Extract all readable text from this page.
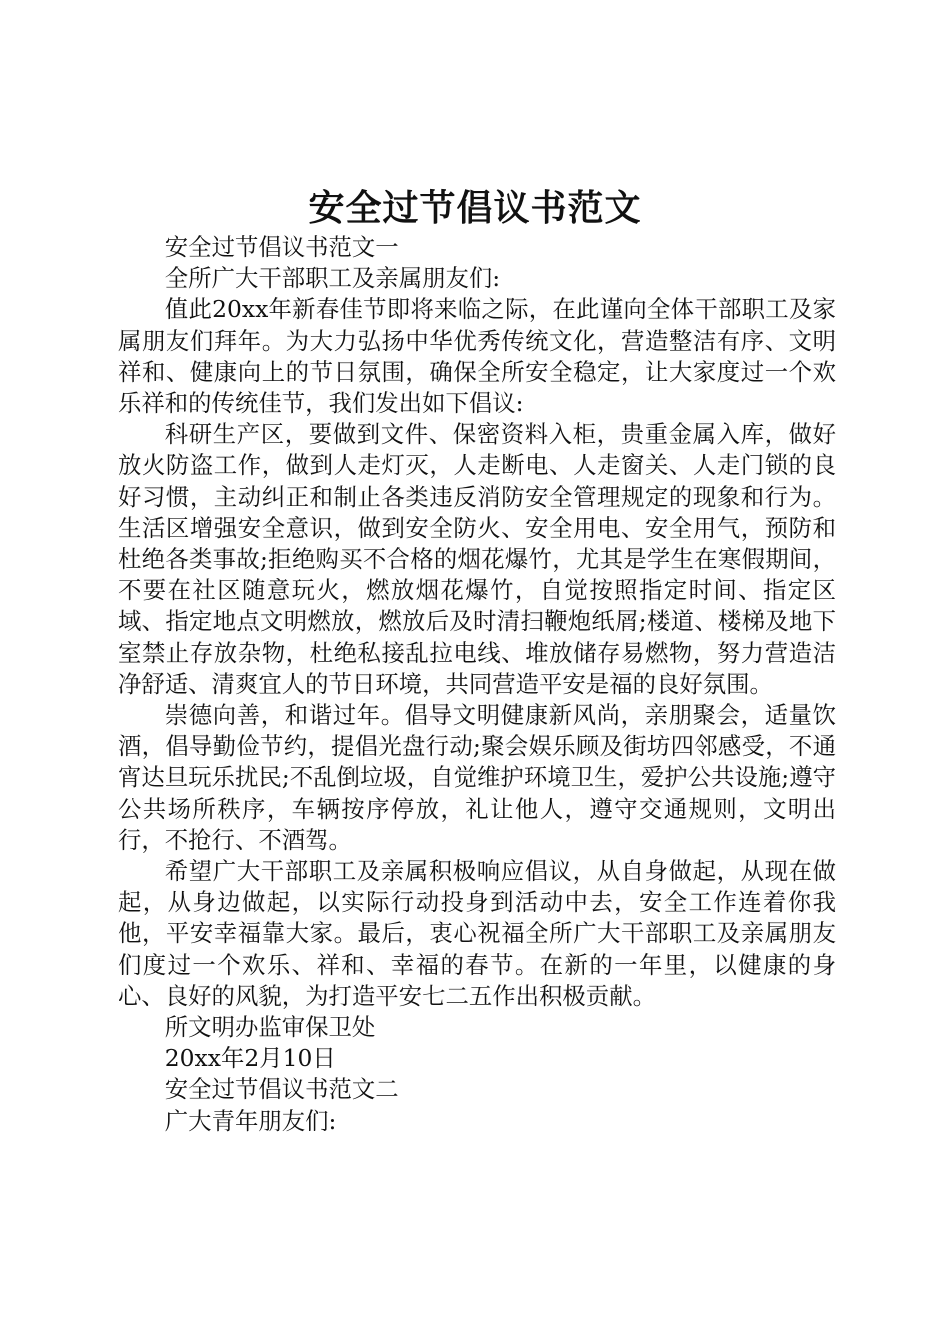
安全过节倡议书范文

安全过节倡议书范文一

全所广大干部职工及亲属朋友们:

值此20xx年新春佳节即将来临之际，在此谨向全体干部职工及家属朋友们拜年。为大力弘扬中华优秀传统文化，营造整洁有序、文明祥和、健康向上的节日氛围，确保全所安全稳定，让大家度过一个欢乐祥和的传统佳节，我们发出如下倡议:

科研生产区，要做到文件、保密资料入柜，贵重金属入库，做好放火防盗工作，做到人走灯灭，人走断电、人走窗关、人走门锁的良好习惯，主动纠正和制止各类违反消防安全管理规定的现象和行为。生活区增强安全意识，做到安全防火、安全用电、安全用气，预防和杜绝各类事故;拒绝购买不合格的烟花爆竹，尤其是学生在寒假期间，不要在社区随意玩火，燃放烟花爆竹，自觉按照指定时间、指定区域、指定地点文明燃放，燃放后及时清扫鞭炮纸屑;楼道、楼梯及地下室禁止存放杂物，杜绝私接乱拉电线、堆放储存易燃物，努力营造洁净舒适、清爽宜人的节日环境，共同营造平安是福的良好氛围。

崇德向善，和谐过年。倡导文明健康新风尚，亲朋聚会，适量饮酒，倡导勤俭节约，提倡光盘行动;聚会娱乐顾及街坊四邻感受，不通宵达旦玩乐扰民;不乱倒垃圾，自觉维护环境卫生，爱护公共设施;遵守公共场所秩序，车辆按序停放，礼让他人，遵守交通规则，文明出行，不抢行、不酒驾。

希望广大干部职工及亲属积极响应倡议，从自身做起，从现在做起，从身边做起，以实际行动投身到活动中去，安全工作连着你我他，平安幸福靠大家。最后，衷心祝福全所广大干部职工及亲属朋友们度过一个欢乐、祥和、幸福的春节。在新的一年里，以健康的身心、良好的风貌，为打造平安七二五作出积极贡献。

所文明办监审保卫处

20xx年2月10日

安全过节倡议书范文二

广大青年朋友们:
